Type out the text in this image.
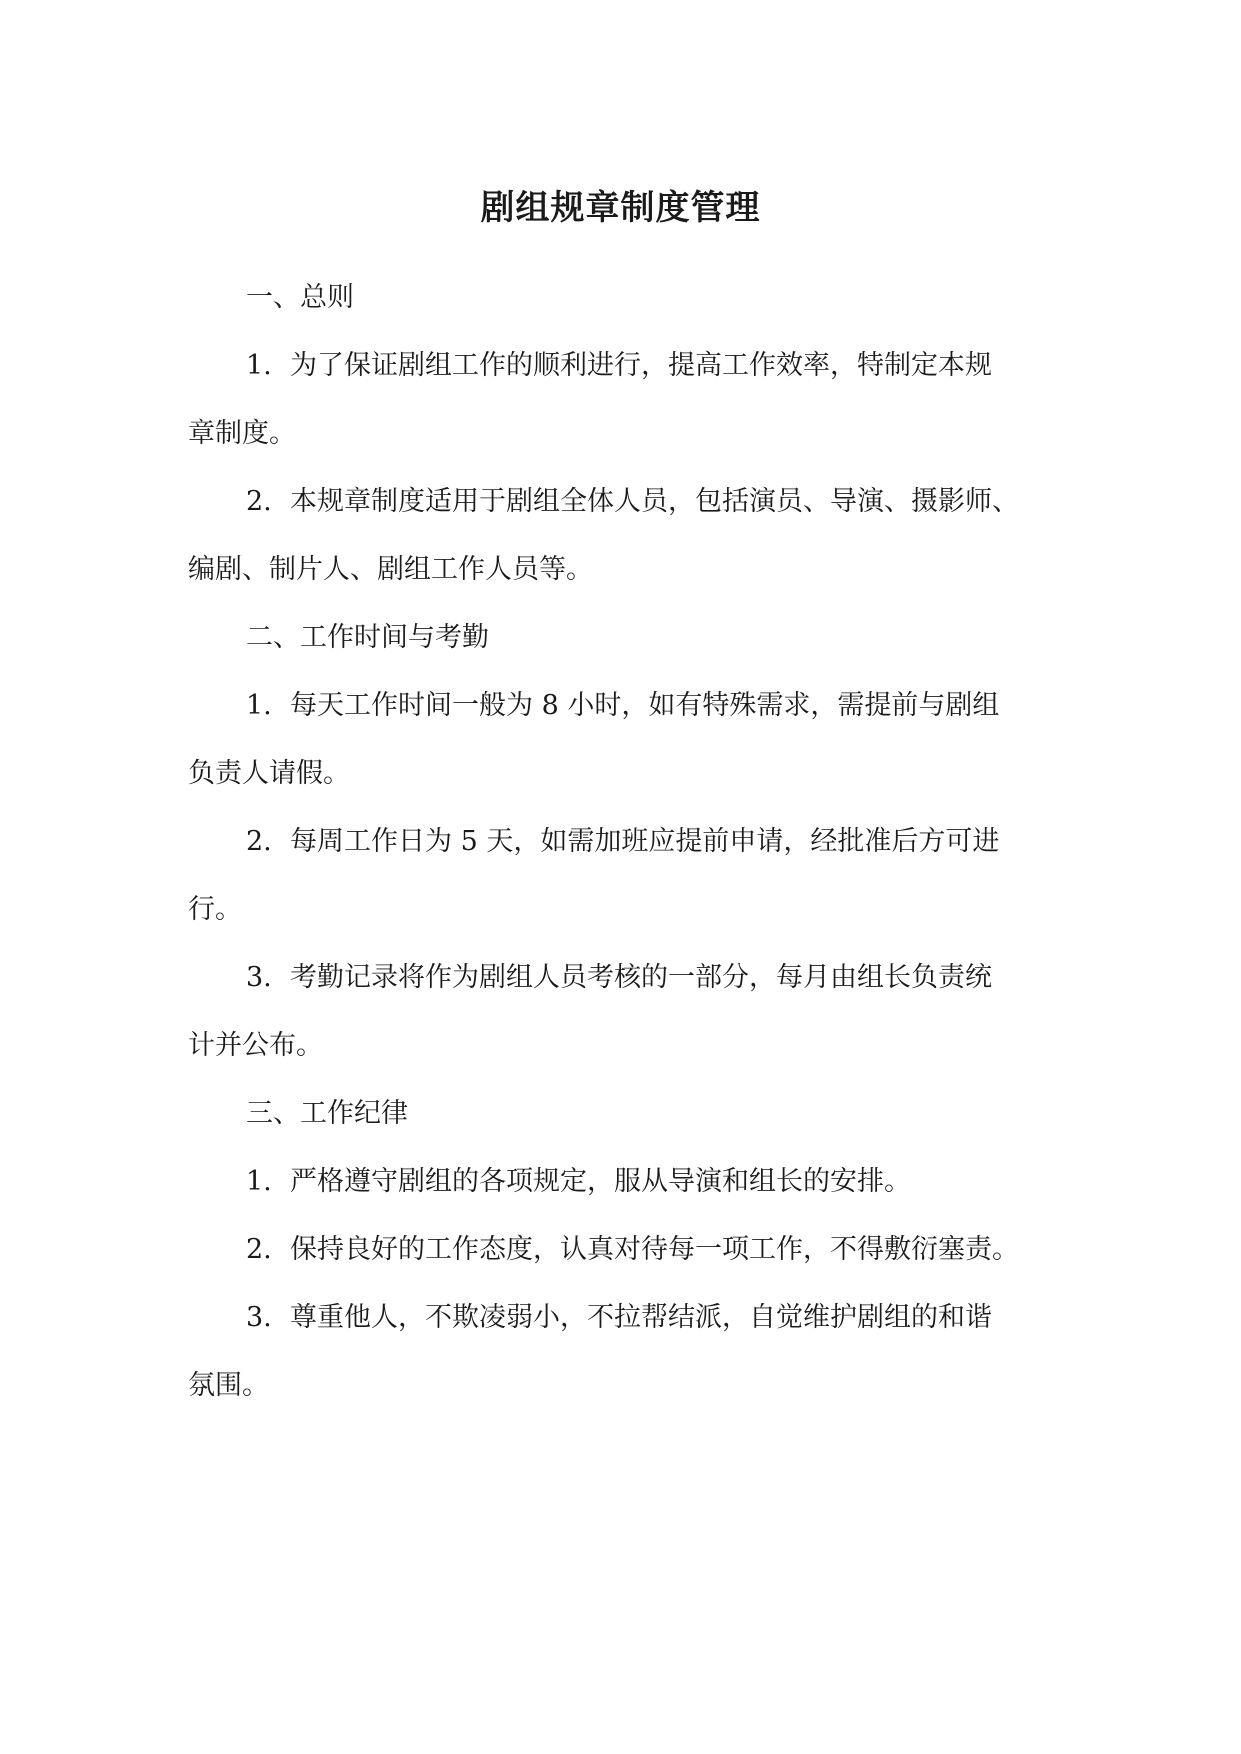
剧组规章制度管理

一、总则

1. 为了保证剧组工作的顺利进行，提高工作效率，特制定本规

章制度。

2. 本规章制度适用于剧组全体人员，包括演员、导演、摄影师、

编剧、制片人、剧组工作人员等。

二、工作时间与考勤

1. 每天工作时间一般为 8 小时，如有特殊需求，需提前与剧组

负责人请假。

2. 每周工作日为 5 天，如需加班应提前申请，经批准后方可进

行。

3. 考勤记录将作为剧组人员考核的一部分，每月由组长负责统

计并公布。

三、工作纪律

1. 严格遵守剧组的各项规定，服从导演和组长的安排。

2. 保持良好的工作态度，认真对待每一项工作，不得敷衍塞责。

3. 尊重他人，不欺凌弱小，不拉帮结派，自觉维护剧组的和谐

氛围。
